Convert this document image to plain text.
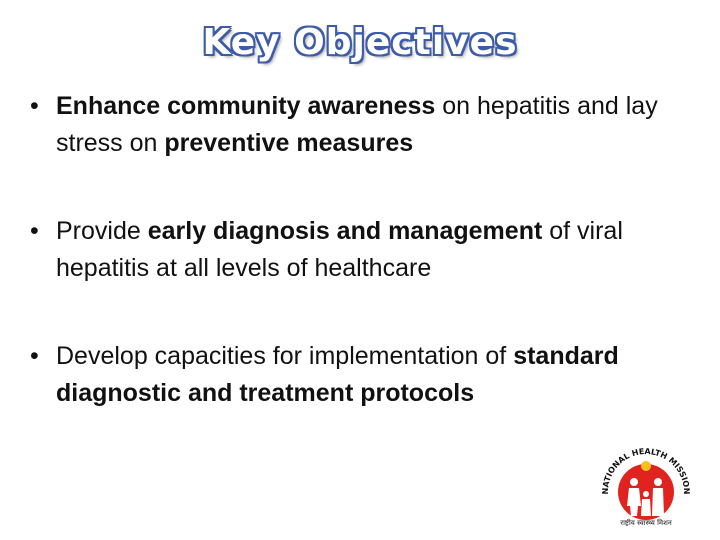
Key Objectives
• Enhance community awareness on hepatitis and lay stress on preventive measures
• Provide early diagnosis and management of viral hepatitis at all levels of healthcare
• Develop capacities for implementation of standard diagnostic and treatment protocols
NATIONAL HEALTH MISSION
राष्ट्रीय स्वास्थ्य मिशन
